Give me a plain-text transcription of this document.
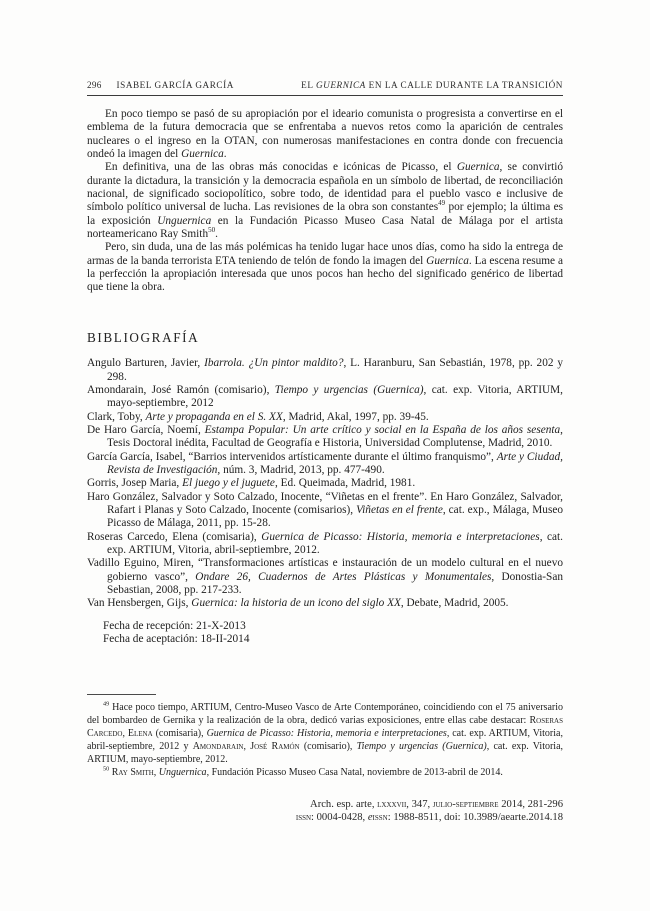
296 ISABEL GARCÍA GARCÍA	EL GUERNICA EN LA CALLE DURANTE LA TRANSICIÓN

En poco tiempo se pasó de su apropiación por el ideario comunista o progresista a convertirse en el emblema de la futura democracia que se enfrentaba a nuevos retos como la aparición de centrales nucleares o el ingreso en la OTAN, con numerosas manifestaciones en contra donde con frecuencia ondeó la imagen del Guernica.

En definitiva, una de las obras más conocidas e icónicas de Picasso, el Guernica, se convirtió durante la dictadura, la transición y la democracia española en un símbolo de libertad, de reconciliación nacional, de significado sociopolítico, sobre todo, de identidad para el pueblo vasco e inclusive de símbolo político universal de lucha. Las revisiones de la obra son constantes$^{49}$ por ejemplo; la última es la exposición Unguernica en la Fundación Picasso Museo Casa Natal de Málaga por el artista norteamericano Ray Smith$^{50}$.

Pero, sin duda, una de las más polémicas ha tenido lugar hace unos días, como ha sido la entrega de armas de la banda terrorista ETA teniendo de telón de fondo la imagen del Guernica. La escena resume a la perfección la apropiación interesada que unos pocos han hecho del significado genérico de libertad que tiene la obra.

BIBLIOGRAFÍA

Angulo Barturen, Javier, Ibarrola. ¿Un pintor maldito?, L. Haranburu, San Sebastián, 1978, pp. 202 y 298.

Amondarain, José Ramón (comisario), Tiempo y urgencias (Guernica), cat. exp. Vitoria, ARTIUM, mayo-septiembre, 2012

Clark, Toby, Arte y propaganda en el S. XX, Madrid, Akal, 1997, pp. 39-45.

De Haro García, Noemí, Estampa Popular: Un arte crítico y social en la España de los años sesenta, Tesis Doctoral inédita, Facultad de Geografía e Historia, Universidad Complutense, Madrid, 2010.

García García, Isabel, “Barrios intervenidos artísticamente durante el último franquismo”, Arte y Ciudad, Revista de Investigación, núm. 3, Madrid, 2013, pp. 477-490.

Gorris, Josep Maria, El juego y el juguete, Ed. Queimada, Madrid, 1981.

Haro González, Salvador y Soto Calzado, Inocente, “Viñetas en el frente”. En Haro González, Salvador, Rafart i Planas y Soto Calzado, Inocente (comisarios), Viñetas en el frente, cat. exp., Málaga, Museo Picasso de Málaga, 2011, pp. 15-28.

Roseras Carcedo, Elena (comisaria), Guernica de Picasso: Historia, memoria e interpretaciones, cat. exp. ARTIUM, Vitoria, abril-septiembre, 2012.

Vadillo Eguino, Miren, “Transformaciones artísticas e instauración de un modelo cultural en el nuevo gobierno vasco”, Ondare 26, Cuadernos de Artes Plásticas y Monumentales, Donostia-San Sebastian, 2008, pp. 217-233.

Van Hensbergen, Gijs, Guernica: la historia de un icono del siglo XX, Debate, Madrid, 2005.

Fecha de recepción: 21-X-2013
Fecha de aceptación: 18-II-2014

$^{49}$ Hace poco tiempo, ARTIUM, Centro-Museo Vasco de Arte Contemporáneo, coincidiendo con el 75 aniversario del bombardeo de Gernika y la realización de la obra, dedicó varias exposiciones, entre ellas cabe destacar: Roseras Carcedo, Elena (comisaria), Guernica de Picasso: Historia, memoria e interpretaciones, cat. exp. ARTIUM, Vitoria, abril-septiembre, 2012 y Amondarain, José Ramón (comisario), Tiempo y urgencias (Guernica), cat. exp. Vitoria, ARTIUM, mayo-septiembre, 2012.

$^{50}$ Ray Smith, Unguernica, Fundación Picasso Museo Casa Natal, noviembre de 2013-abril de 2014.

Arch. esp. arte, lxxxvii, 347, julio-septiembre 2014, 281-296
issn: 0004-0428, eissn: 1988-8511, doi: 10.3989/aearte.2014.18
